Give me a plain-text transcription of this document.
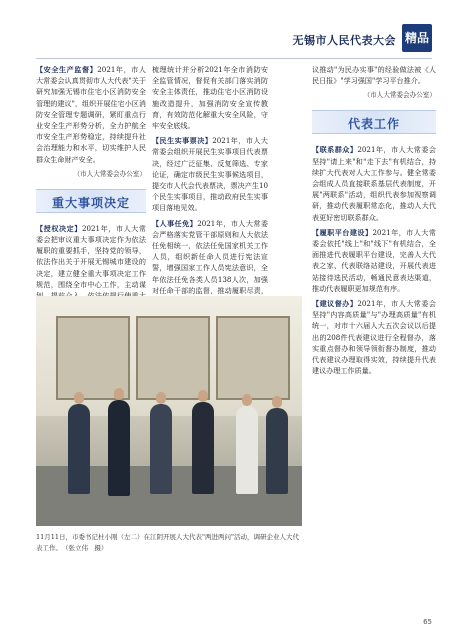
无锡市人民代表大会 精品

【安全生产监督】2021年，市人大常委会认真贯彻市人大代表"关于研究加强无锡市住宅小区消防安全管理的建议"，组织开展住宅小区消防安全管理专题调研，紧盯重点行业安全生产形势分析，全力护航全市安全生产形势稳定，持续提升社会治理能力和水平，切实维护人民群众生命财产安全。

（市人大常委会办公室）

重大事项决定

【授权决定】2021年，市人大常委会把审议重大事项决定作为依法履职的重要抓手，坚持党的领导，依法作出关于开展无锡城市建设的决定，建立健全重大事项决定工作规范，围绕全市中心工作，主动谋

梳理统计并分析2021年全市消防安全监管情况，督促有关部门落实消防安全主体责任，推动住宅小区消防设施改造提升，加强消防安全宣传教育，有效防范化解重大安全风险，守牢安全底线。

【民生实事票决】2021年，市人大常委会组织开展民生实事项目代表票决，经过广泛征集、反复筛选、专家论证，确定市级民生实事候选项目，提交市人代会代表票决，票决产生10个民生实事项目，推动政府民生实事项目落地见效。

【人事任免】2021年，市人大常委会严格落实党管干部原则和人大依法任免相统一，依法任免国家机关工作人员，组织新任命人员进行宪法宣誓，增强国家工作人员宪法意识，全年依法任免各类人员138人次，加强对任命干部的监督，推动履职尽责，

议推动"为民办实事"的经验做法被《人民日报》"学习强国"学习平台推介。

（市人大常委会办公室）

代表工作

【联系群众】2021年，市人大常委会坚持"请上来"和"走下去"有机结合，持续扩大代表对人大工作参与。健全常委会组成人员直接联系基层代表制度，开展"两联系"活动，组织代表参加视察调研，推动代表履职常态化，推动人大代表更好密切联系群众。

【履职平台建设】2021年，市人大常委会依托"线上"和"线下"有机结合，全面推进代表履职平台建设，完善人大代表之家、代表联络站建设，开展代表进站接待选民活动，畅通民意表达渠道，推动代表履职更加规范有序。

【建议督办】2021年，市人大常委会坚持"内容高质量"与"办理高质量"有机统一，对市十六届人大五次会议以后提出的208件代表建议进行全程督办，落实重点督办和领导领衔督办制度，推动代表建议办理取得实效，持续提升代表建议办理工作质量。

11月11日，市委书记杜小刚（左二）在江阴开展人大代表"两进两问"活动，调研企业人大代表工作。　（张立伟　摄）
65
